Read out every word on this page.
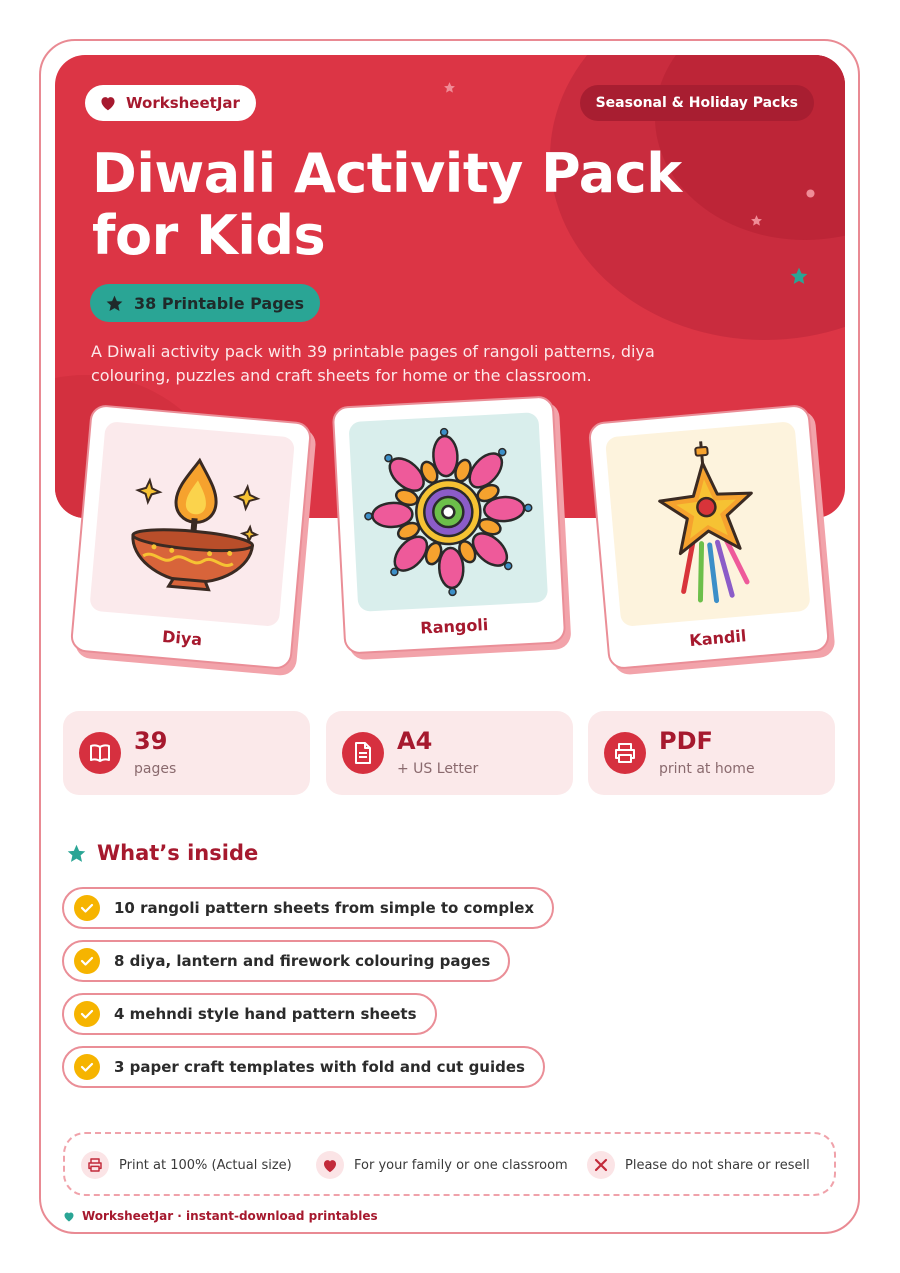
WorksheetJar	Seasonal & Holiday Packs
Diwali Activity Pack
for Kids
38 Printable Pages

A Diwali activity pack with 39 printable pages of rangoli patterns, diya colouring, puzzles and craft sheets for home or the classroom.

Diya
Rangoli	Kandil
39
pages
A4
+ US Letter
PDF
print at home
What’s inside
10 rangoli pattern sheets from simple to complex
8 diya, lantern and firework colouring pages
4 mehndi style hand pattern sheets
3 paper craft templates with fold and cut guides
Print at 100% (Actual size)	For your family or one classroom	Please do not share or resell
WorksheetJar · instant-download printables
